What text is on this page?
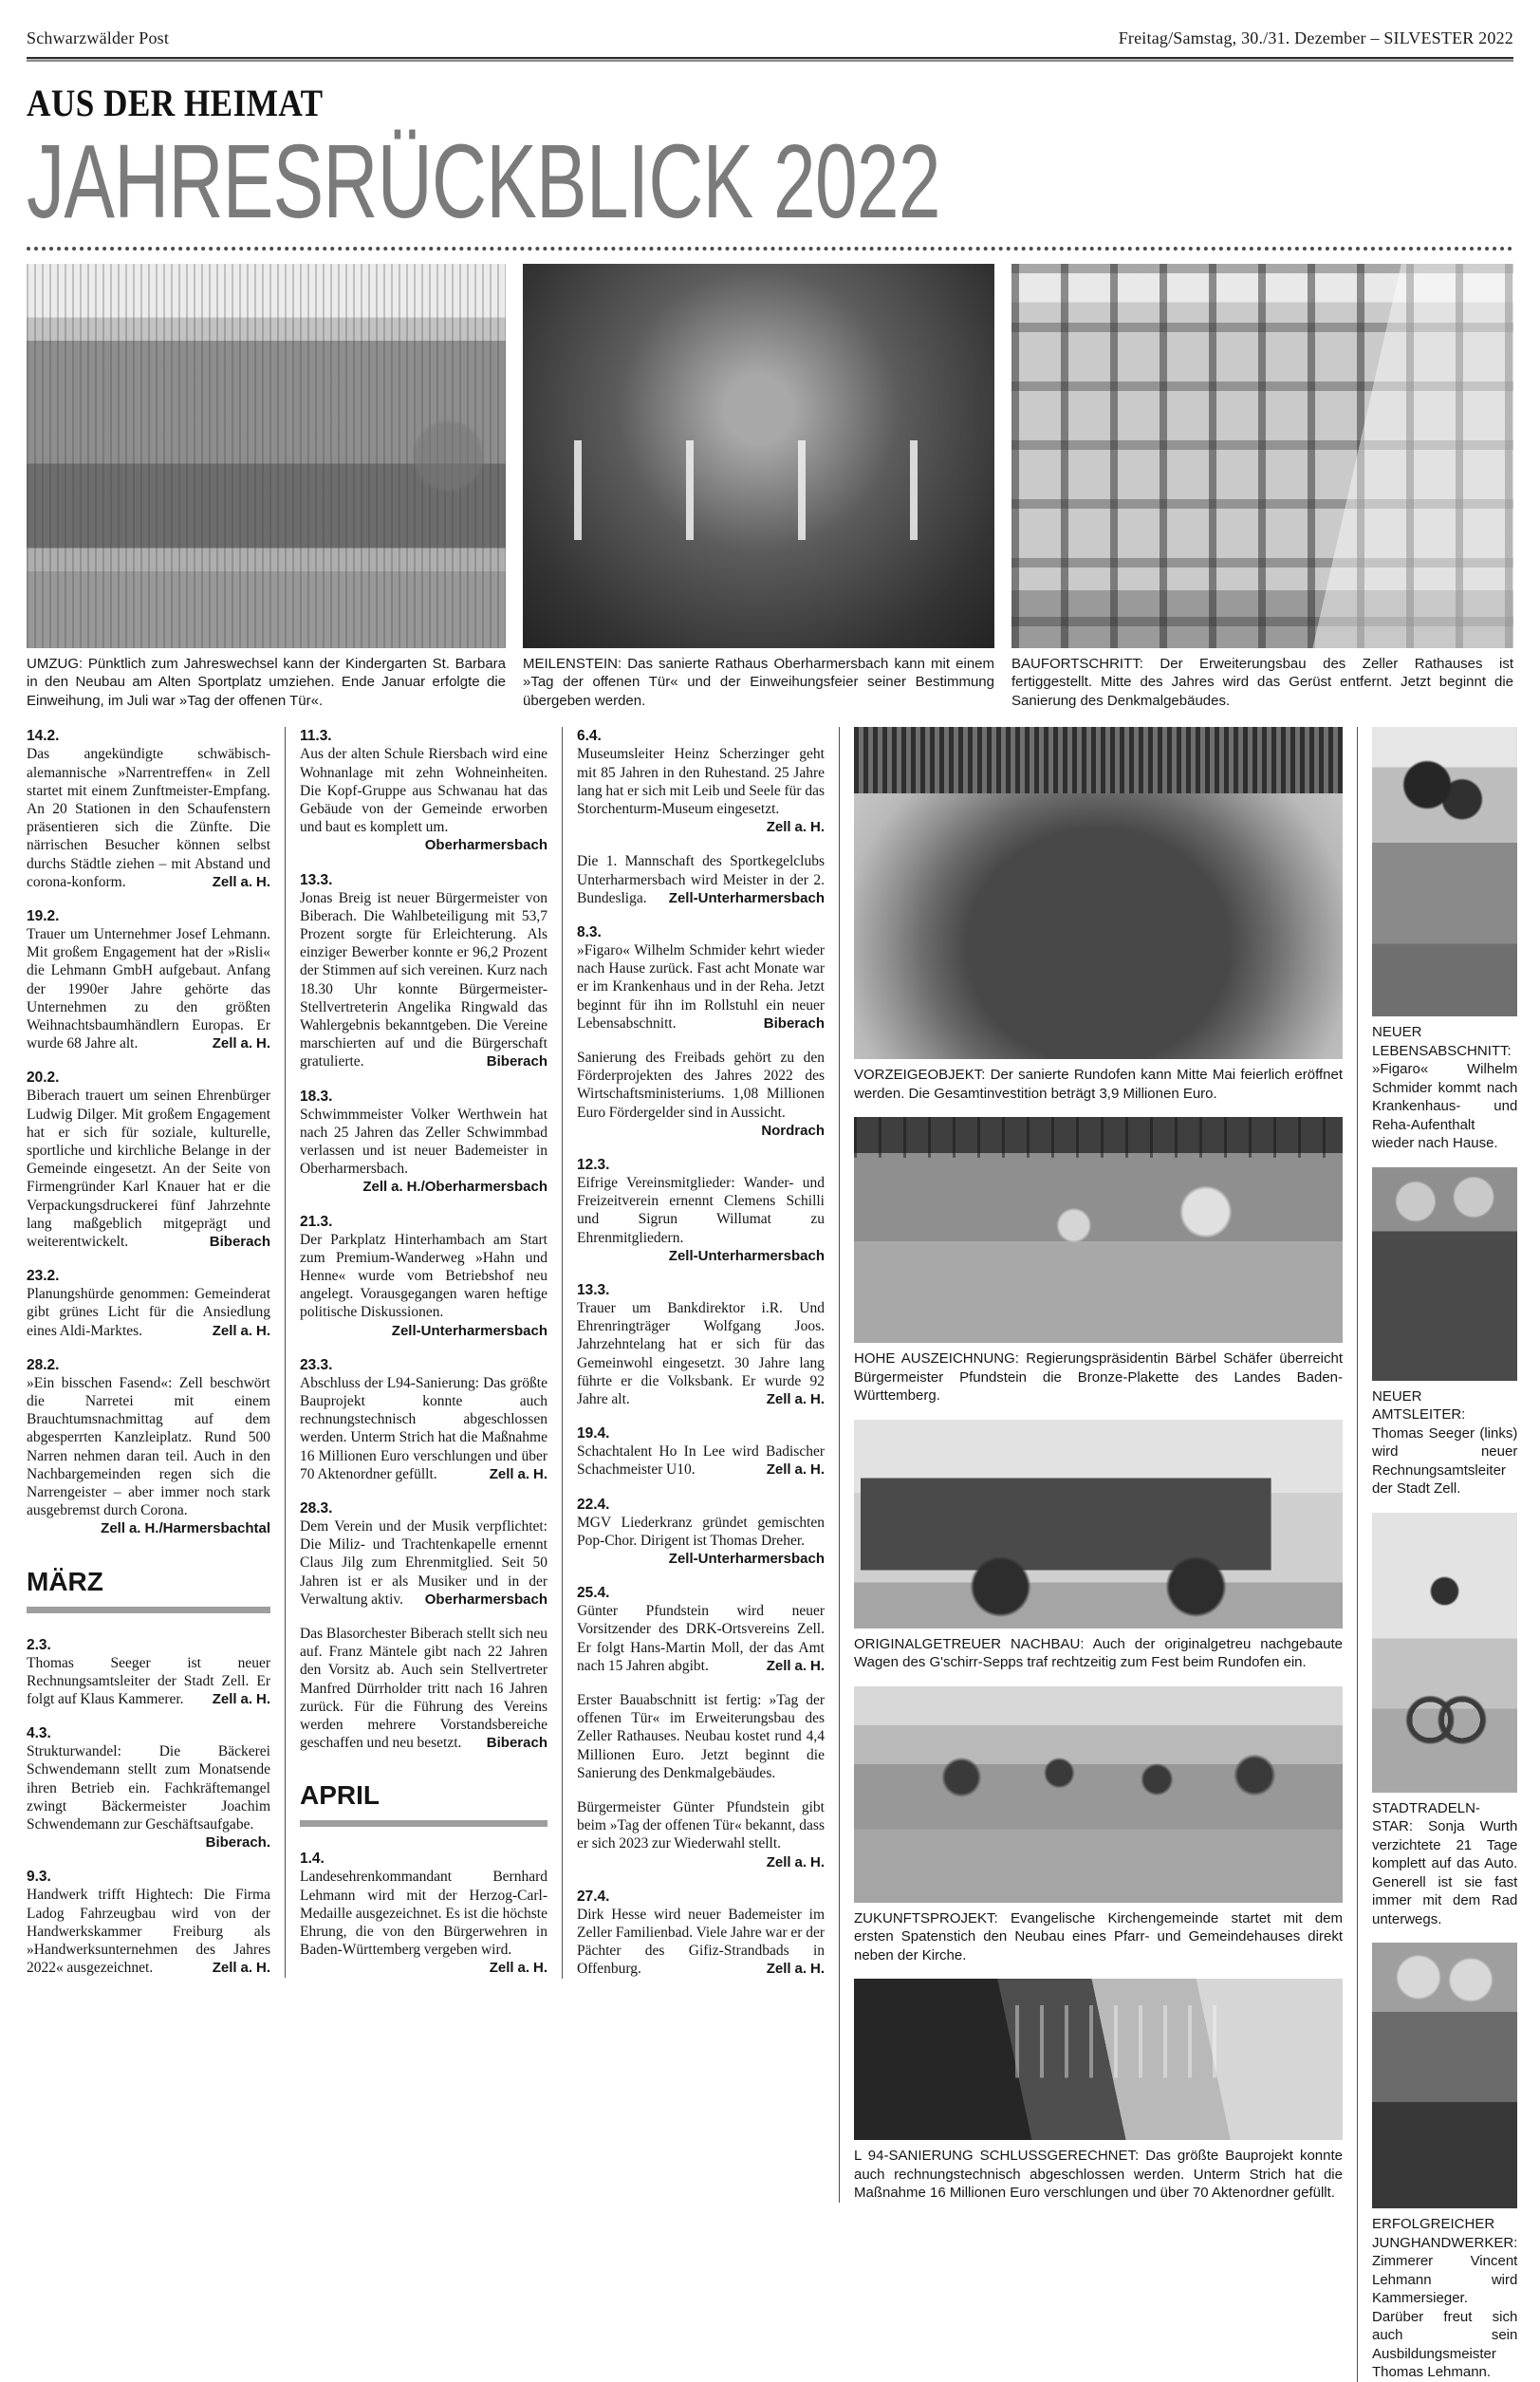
Schwarzwälder Post	Freitag/Samstag, 30./31. Dezember – SILVESTER 2022
AUS DER HEIMAT
JAHRESRÜCKBLICK 2022
UMZUG: Pünktlich zum Jahreswechsel kann der Kindergarten St. Barbara in den Neubau am Alten Sportplatz umziehen. Ende Januar erfolgte die Einweihung, im Juli war »Tag der offenen Tür«.
MEILENSTEIN: Das sanierte Rathaus Oberharmersbach kann mit einem »Tag der offenen Tür« und der Einweihungsfeier seiner Bestimmung übergeben werden.
BAUFORTSCHRITT: Der Erweiterungsbau des Zeller Rathauses ist fertiggestellt. Mitte des Jahres wird das Gerüst entfernt. Jetzt beginnt die Sanierung des Denkmalgebäudes.
14.2.

Das angekündigte schwäbisch-alemannische »Narrentreffen« in Zell startet mit einem Zunftmeister-Empfang. An 20 Stationen in den Schaufenstern präsentieren sich die Zünfte. Die närrischen Besucher können selbst durchs Städtle ziehen – mit Abstand und corona-konform.	Zell a. H.

19.2.

Trauer um Unternehmer Josef Lehmann. Mit großem Engagement hat der »Risli« die Lehmann GmbH aufgebaut. Anfang der 1990er Jahre gehörte das Unternehmen zu den größten Weihnachtsbaumhändlern Europas. Er wurde 68 Jahre alt.	Zell a. H.

20.2.

Biberach trauert um seinen Ehrenbürger Ludwig Dilger. Mit großem Engagement hat er sich für soziale, kulturelle, sportliche und kirchliche Belange in der Gemeinde eingesetzt. An der Seite von Firmengründer Karl Knauer hat er die Verpackungsdruckerei fünf Jahrzehnte lang maßgeblich mitgeprägt und weiterentwickelt.	Biberach

23.2.

Planungshürde genommen: Gemeinderat gibt grünes Licht für die Ansiedlung eines Aldi-Marktes.	Zell a. H.

28.2.

»Ein bisschen Fasend«: Zell beschwört die Narretei mit einem Brauchtumsnachmittag auf dem abgesperrten Kanzleiplatz. Rund 500 Narren nehmen daran teil. Auch in den Nachbargemeinden regen sich die Narrengeister – aber immer noch stark ausgebremst durch Corona.
Zell a. H./Harmersbachtal

MÄRZ
2.3.

Thomas Seeger ist neuer Rechnungsamtsleiter der Stadt Zell. Er folgt auf Klaus Kammerer.	Zell a. H.

4.3.

Strukturwandel: Die Bäckerei Schwendemann stellt zum Monatsende ihren Betrieb ein. Fachkräftemangel zwingt Bäckermeister Joachim Schwendemann zur Geschäftsaufgabe.
Biberach.

9.3.

Handwerk trifft Hightech: Die Firma Ladog Fahrzeugbau wird von der Handwerkskammer Freiburg als »Handwerksunternehmen des Jahres 2022« ausgezeichnet.	Zell a. H.

11.3.

Aus der alten Schule Riersbach wird eine Wohnanlage mit zehn Wohneinheiten. Die Kopf-Gruppe aus Schwanau hat das Gebäude von der Gemeinde erworben und baut es komplett um.
Oberharmersbach

13.3.

Jonas Breig ist neuer Bürgermeister von Biberach. Die Wahlbeteiligung mit 53,7 Prozent sorgte für Erleichterung. Als einziger Bewerber konnte er 96,2 Prozent der Stimmen auf sich vereinen. Kurz nach 18.30 Uhr konnte Bürgermeister-Stellvertreterin Angelika Ringwald das Wahlergebnis bekanntgeben. Die Vereine marschierten auf und die Bürgerschaft gratulierte.	Biberach

18.3.

Schwimmmeister Volker Werthwein hat nach 25 Jahren das Zeller Schwimmbad verlassen und ist neuer Bademeister in Oberharmersbach.
Zell a. H./Oberharmersbach

21.3.

Der Parkplatz Hinterhambach am Start zum Premium-Wanderweg »Hahn und Henne« wurde vom Betriebshof neu angelegt. Vorausgegangen waren heftige politische Diskussionen.
Zell-Unterharmersbach

23.3.

Abschluss der L94-Sanierung: Das größte Bauprojekt konnte auch rechnungstechnisch abgeschlossen werden. Unterm Strich hat die Maßnahme 16 Millionen Euro verschlungen und über 70 Aktenordner gefüllt.	Zell a. H.

28.3.

Dem Verein und der Musik verpflichtet: Die Miliz- und Trachtenkapelle ernennt Claus Jilg zum Ehrenmitglied. Seit 50 Jahren ist er als Musiker und in der Verwaltung aktiv.	Oberharmersbach

Das Blasorchester Biberach stellt sich neu auf. Franz Mäntele gibt nach 22 Jahren den Vorsitz ab. Auch sein Stellvertreter Manfred Dürrholder tritt nach 16 Jahren zurück. Für die Führung des Vereins werden mehrere Vorstandsbereiche geschaffen und neu besetzt.	Biberach

APRIL
1.4.

Landesehrenkommandant Bernhard Lehmann wird mit der Herzog-Carl-Medaille ausgezeichnet. Es ist die höchste Ehrung, die von den Bürgerwehren in Baden-Württemberg vergeben wird.
Zell a. H.

6.4.

Museumsleiter Heinz Scherzinger geht mit 85 Jahren in den Ruhestand. 25 Jahre lang hat er sich mit Leib und Seele für das Storchenturm-Museum eingesetzt.
Zell a. H.

Die 1. Mannschaft des Sportkegelclubs Unterharmersbach wird Meister in der 2. Bundesliga.	Zell-Unterharmersbach

8.3.

»Figaro« Wilhelm Schmider kehrt wieder nach Hause zurück. Fast acht Monate war er im Krankenhaus und in der Reha. Jetzt beginnt für ihn im Rollstuhl ein neuer Lebensabschnitt.	Biberach

Sanierung des Freibads gehört zu den Förderprojekten des Jahres 2022 des Wirtschaftsministeriums. 1,08 Millionen Euro Fördergelder sind in Aussicht.
Nordrach

12.3.

Eifrige Vereinsmitglieder: Wander- und Freizeitverein ernennt Clemens Schilli und Sigrun Willumat zu Ehrenmitgliedern.
Zell-Unterharmersbach

13.3.

Trauer um Bankdirektor i.R. Und Ehrenringträger Wolfgang Joos. Jahrzehntelang hat er sich für das Gemeinwohl eingesetzt. 30 Jahre lang führte er die Volksbank. Er wurde 92 Jahre alt.	Zell a. H.

19.4.

Schachtalent Ho In Lee wird Badischer Schachmeister U10.	Zell a. H.

22.4.

MGV Liederkranz gründet gemischten Pop-Chor. Dirigent ist Thomas Dreher.
Zell-Unterharmersbach

25.4.

Günter Pfundstein wird neuer Vorsitzender des DRK-Ortsvereins Zell. Er folgt Hans-Martin Moll, der das Amt nach 15 Jahren abgibt.	Zell a. H.

Erster Bauabschnitt ist fertig: »Tag der offenen Tür« im Erweiterungsbau des Zeller Rathauses. Neubau kostet rund 4,4 Millionen Euro. Jetzt beginnt die Sanierung des Denkmalgebäudes.

Bürgermeister Günter Pfundstein gibt beim »Tag der offenen Tür« bekannt, dass er sich 2023 zur Wiederwahl stellt.
Zell a. H.

27.4.

Dirk Hesse wird neuer Bademeister im Zeller Familienbad. Viele Jahre war er der Pächter des Gifiz-Strandbads in Offenburg.	Zell a. H.

VORZEIGEOBJEKT: Der sanierte Rundofen kann Mitte Mai feierlich eröffnet werden. Die Gesamtinvestition beträgt 3,9 Millionen Euro.
HOHE AUSZEICHNUNG: Regierungspräsidentin Bärbel Schäfer überreicht Bürgermeister Pfundstein die Bronze-Plakette des Landes Baden-Württemberg.
ORIGINALGETREUER NACHBAU: Auch der originalgetreu nachgebaute Wagen des G'schirr-Sepps traf rechtzeitig zum Fest beim Rundofen ein.
ZUKUNFTSPROJEKT: Evangelische Kirchengemeinde startet mit dem ersten Spatenstich den Neubau eines Pfarr- und Gemeindehauses direkt neben der Kirche.
L 94-SANIERUNG SCHLUSSGERECHNET: Das größte Bauprojekt konnte auch rechnungstechnisch abgeschlossen werden. Unterm Strich hat die Maßnahme 16 Millionen Euro verschlungen und über 70 Aktenordner gefüllt.
NEUER LEBENSABSCHNITT: »Figaro« Wilhelm Schmider kommt nach Krankenhaus- und Reha-Aufenthalt wieder nach Hause.
NEUER AMTSLEITER: Thomas Seeger (links) wird neuer Rechnungsamtsleiter der Stadt Zell.
STADTRADELN-STAR: Sonja Wurth verzichtete 21 Tage komplett auf das Auto. Generell ist sie fast immer mit dem Rad unterwegs.
ERFOLGREICHER JUNGHANDWERKER: Zimmerer Vincent Lehmann wird Kammersieger. Darüber freut sich auch sein Ausbildungsmeister Thomas Lehmann.
